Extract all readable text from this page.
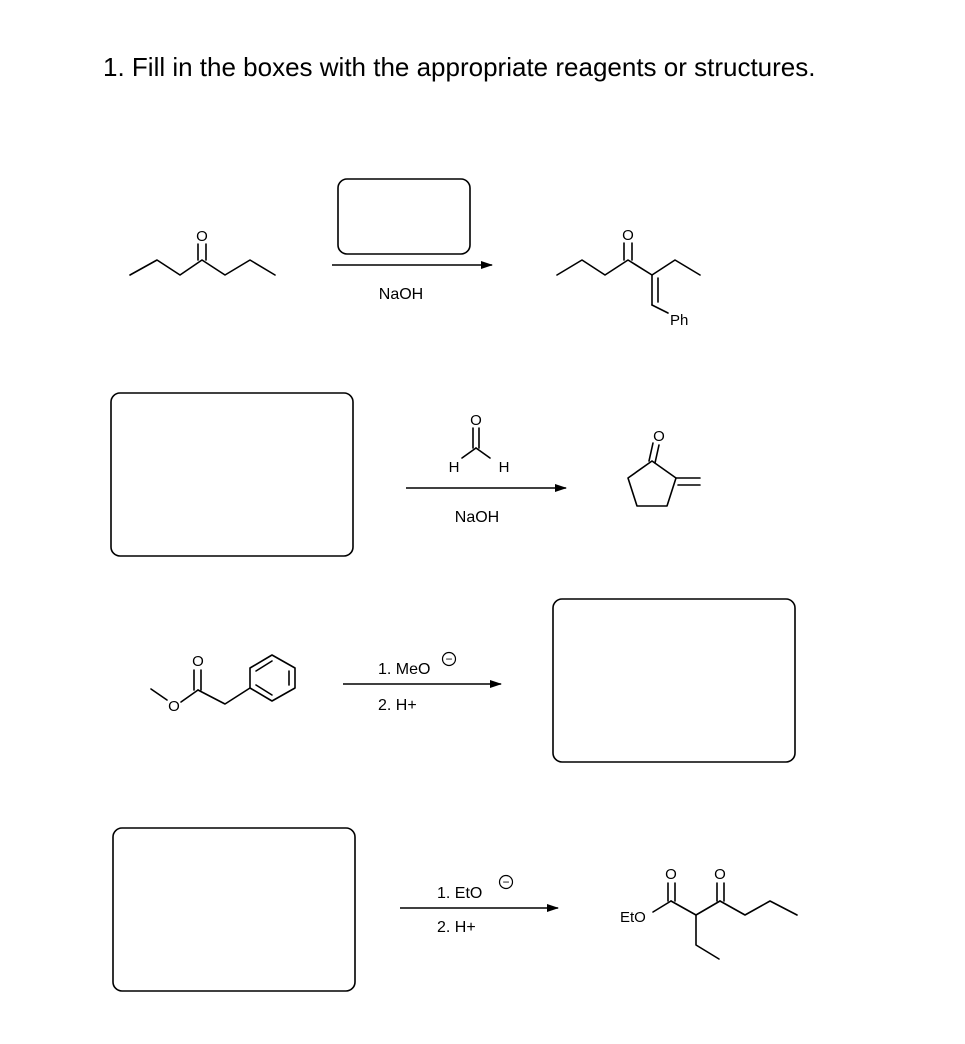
1. Fill in the boxes with the appropriate reagents or structures.
O
NaOH
O
Ph
O
H	H
NaOH
O
O
O	1. MeO
−
2. H+
1. EtO
−
2. H+
EtO
O O
